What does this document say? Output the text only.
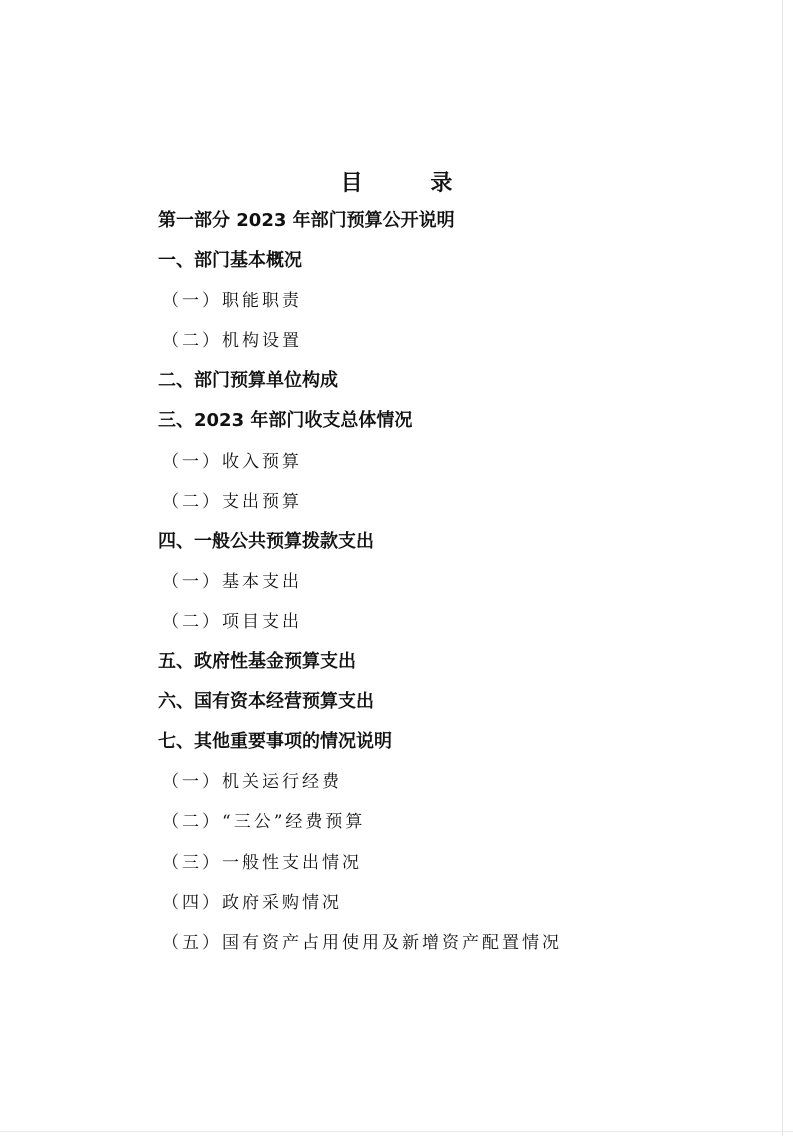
目 录
第一部分 2023 年部门预算公开说明
一、部门基本概况
（一）职能职责
（二）机构设置
二、部门预算单位构成
三、2023 年部门收支总体情况
（一）收入预算
（二）支出预算
四、一般公共预算拨款支出
（一）基本支出
（二）项目支出
五、政府性基金预算支出
六、国有资本经营预算支出
七、其他重要事项的情况说明
（一）机关运行经费
（二）“三公”经费预算
（三）一般性支出情况
（四）政府采购情况
（五）国有资产占用使用及新增资产配置情况
